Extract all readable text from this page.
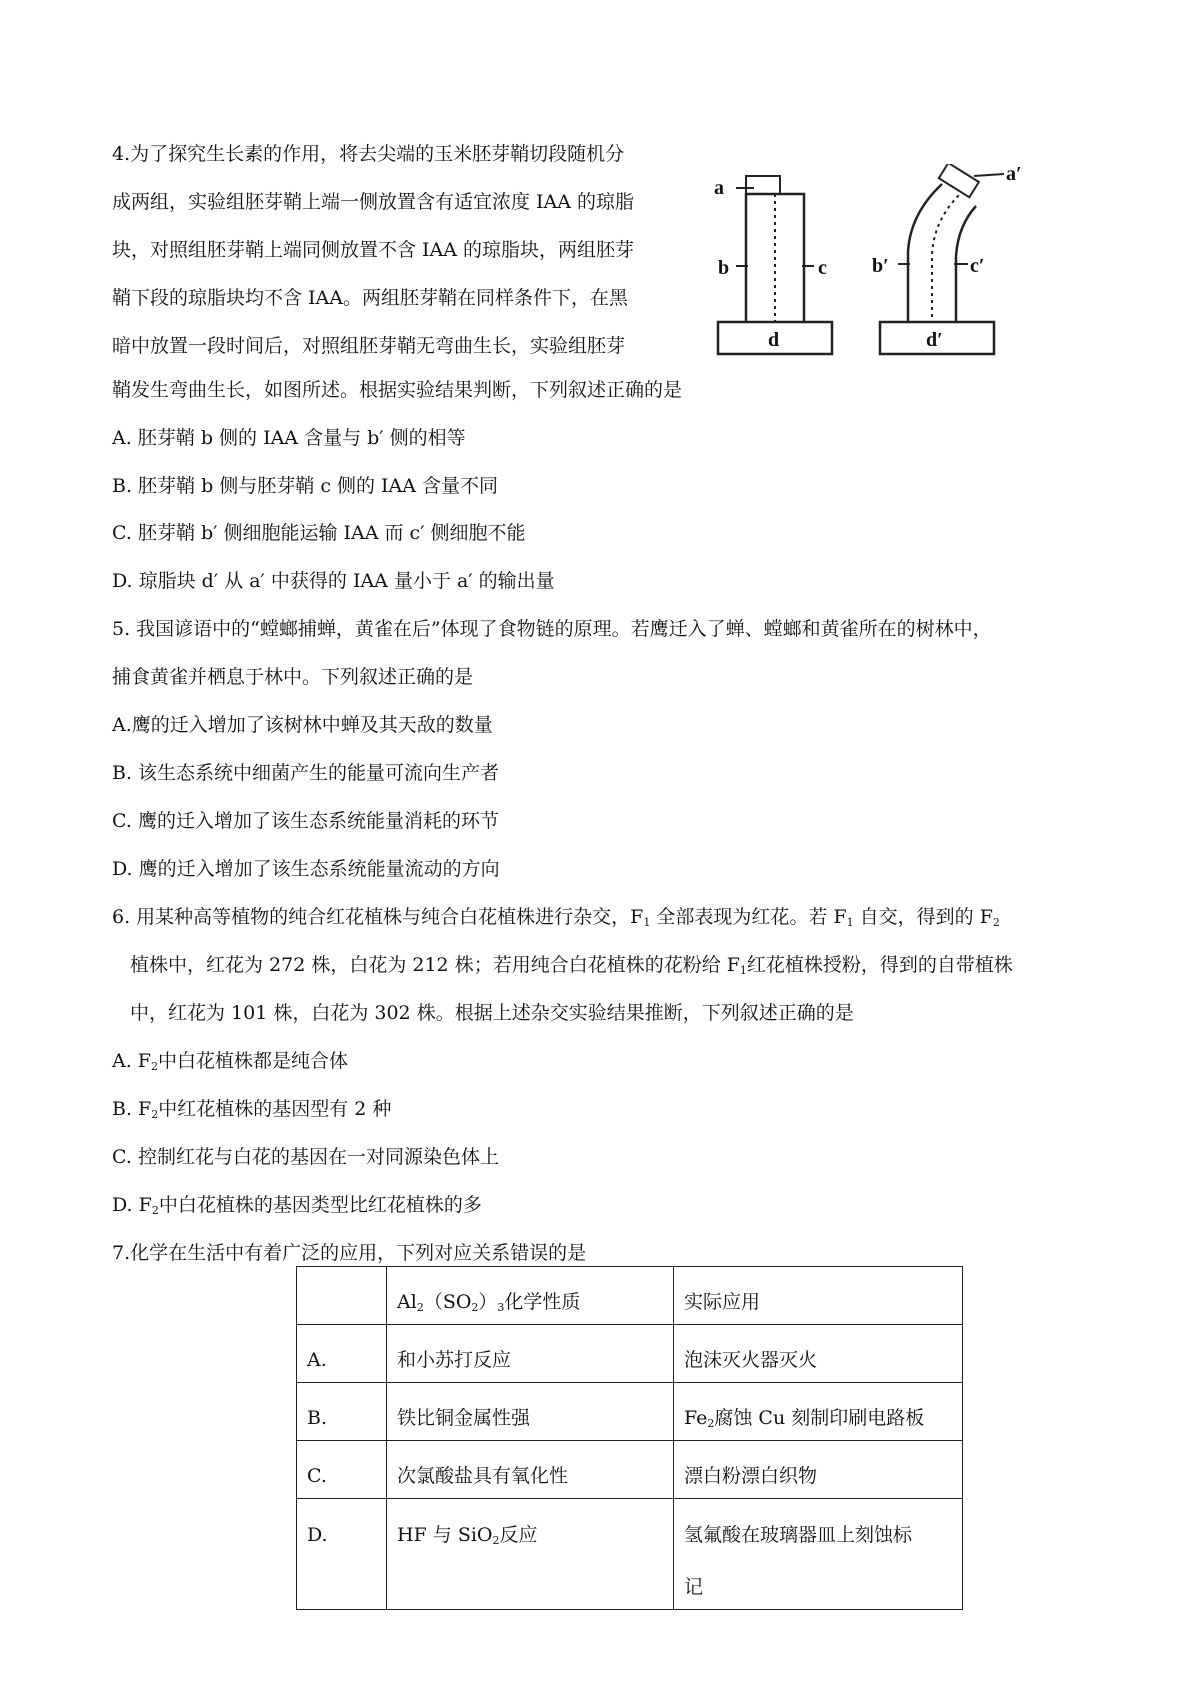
4.为了探究生长素的作用，将去尖端的玉米胚芽鞘切段随机分
成两组，实验组胚芽鞘上端一侧放置含有适宜浓度 IAA 的琼脂
块，对照组胚芽鞘上端同侧放置不含 IAA 的琼脂块，两组胚芽
鞘下段的琼脂块均不含 IAA。两组胚芽鞘在同样条件下，在黑
暗中放置一段时间后，对照组胚芽鞘无弯曲生长，实验组胚芽
鞘发生弯曲生长，如图所述。根据实验结果判断，下列叙述正确的是
a
b	c
d
a′
b′	c′
d′
A. 胚芽鞘 b 侧的 IAA 含量与 b′ 侧的相等
B. 胚芽鞘 b 侧与胚芽鞘 c 侧的 IAA 含量不同
C. 胚芽鞘 b′ 侧细胞能运输 IAA 而 c′ 侧细胞不能
D. 琼脂块 d′ 从 a′ 中获得的 IAA 量小于 a′ 的输出量
5. 我国谚语中的“螳螂捕蝉，黄雀在后”体现了食物链的原理。若鹰迁入了蝉、螳螂和黄雀所在的树林中，
捕食黄雀并栖息于林中。下列叙述正确的是
A.鹰的迁入增加了该树林中蝉及其天敌的数量
B. 该生态系统中细菌产生的能量可流向生产者
C. 鹰的迁入增加了该生态系统能量消耗的环节
D. 鹰的迁入增加了该生态系统能量流动的方向
6. 用某种高等植物的纯合红花植株与纯合白花植株进行杂交，$F_1$ 全部表现为红花。若 $F_1$ 自交，得到的 $F_2$
植株中，红花为 272 株，白花为 212 株；若用纯合白花植株的花粉给 $F_1$红花植株授粉，得到的自带植株
中，红花为 101 株，白花为 302 株。根据上述杂交实验结果推断，下列叙述正确的是
A. $F_2$中白花植株都是纯合体
B. $F_2$中红花植株的基因型有 2 种
C. 控制红花与白花的基因在一对同源染色体上
D. $F_2$中白花植株的基因类型比红花植株的多
7.化学在生活中有着广泛的应用，下列对应关系错误的是
	$Al_2(SO_2)_3$化学性质	实际应用
A.	和小苏打反应	泡沫灭火器灭火
B.	铁比铜金属性强	$Fe_2$腐蚀 Cu 刻制印刷电路板
C.	次氯酸盐具有氧化性	漂白粉漂白织物
D.	HF 与 SiO$_2$反应	氢氟酸在玻璃器皿上刻蚀标
记
